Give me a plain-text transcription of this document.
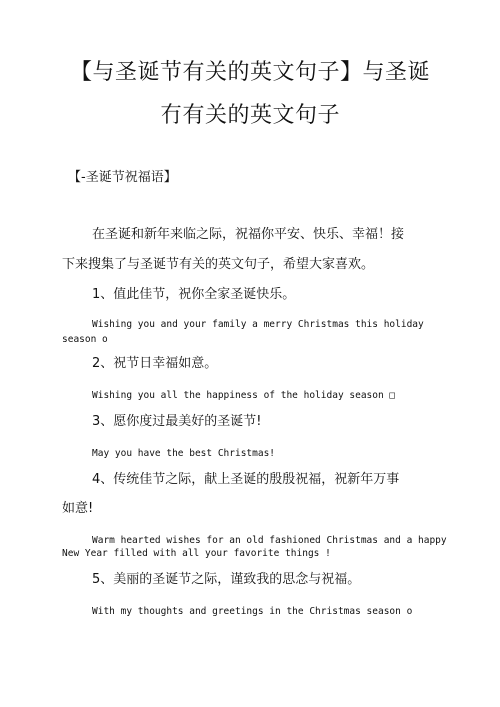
【与圣诞节有关的英文句子】与圣诞
冇有关的英文句子
【-圣诞节祝福语】
在圣诞和新年来临之际，祝福你平安、快乐、幸福！接
下来搜集了与圣诞节有关的英文句子，希望大家喜欢。
1、值此佳节，祝你全家圣诞快乐。
Wishing you and your family a merry Christmas this holiday
season o
2、祝节日幸福如意。
Wishing you all the happiness of the holiday season □
3、愿你度过最美好的圣诞节!
May you have the best Christmas!
4、传统佳节之际，献上圣诞的殷殷祝福，祝新年万事
如意!
Warm hearted wishes for an old fashioned Christmas and a happy
New Year filled with all your favorite things !
5、美丽的圣诞节之际，谨致我的思念与祝福。
With my thoughts and greetings in the Christmas season o
